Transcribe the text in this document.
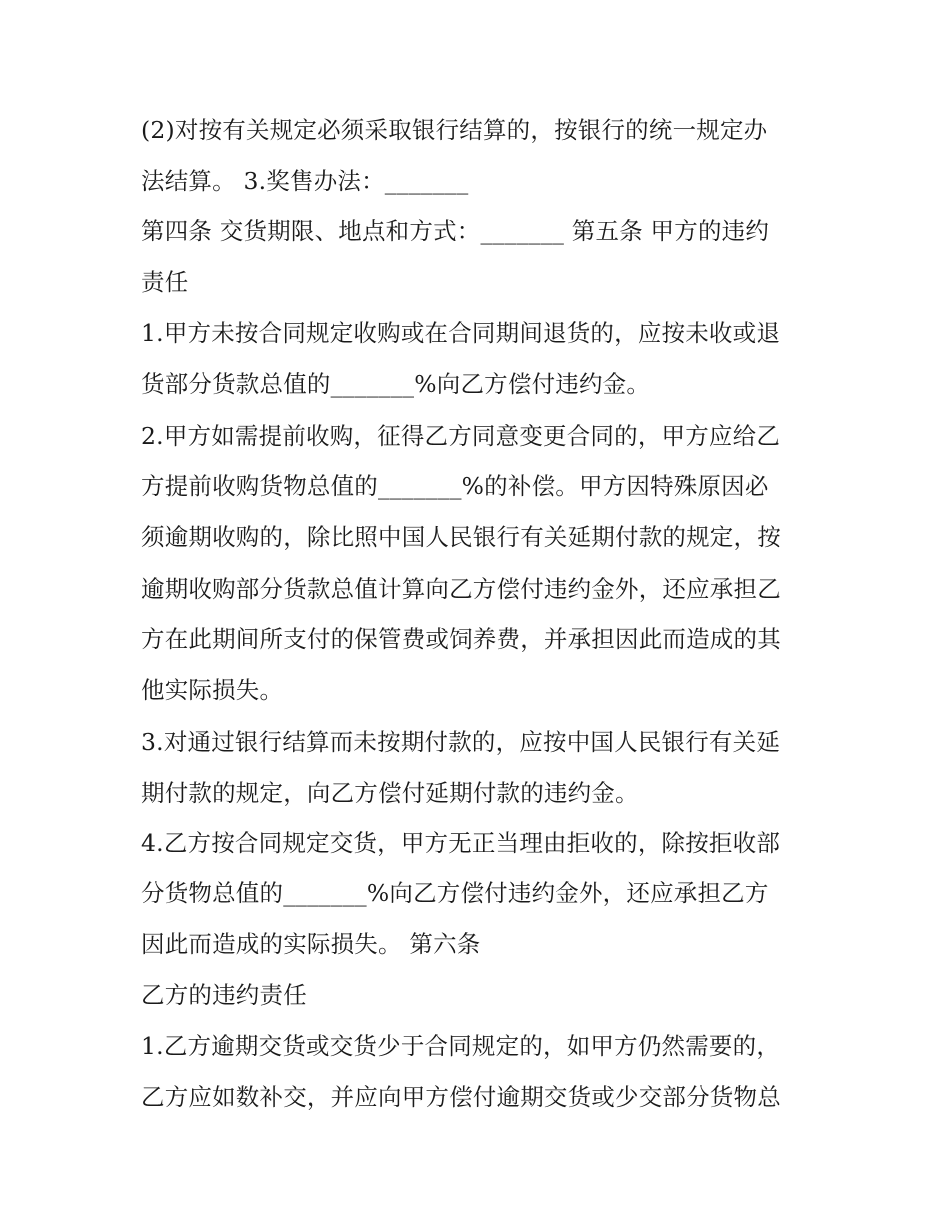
(2)对按有关规定必须采取银行结算的，按银行的统一规定办
法结算。 3.奖售办法：_______
第四条 交货期限、地点和方式：_______ 第五条 甲方的违约
责任
1.甲方未按合同规定收购或在合同期间退货的，应按未收或退
货部分货款总值的_______%向乙方偿付违约金。
2.甲方如需提前收购，征得乙方同意变更合同的，甲方应给乙
方提前收购货物总值的_______%的补偿。甲方因特殊原因必
须逾期收购的，除比照中国人民银行有关延期付款的规定，按
逾期收购部分货款总值计算向乙方偿付违约金外，还应承担乙
方在此期间所支付的保管费或饲养费，并承担因此而造成的其
他实际损失。
3.对通过银行结算而未按期付款的，应按中国人民银行有关延
期付款的规定，向乙方偿付延期付款的违约金。
4.乙方按合同规定交货，甲方无正当理由拒收的，除按拒收部
分货物总值的_______%向乙方偿付违约金外，还应承担乙方
因此而造成的实际损失。 第六条
乙方的违约责任
1.乙方逾期交货或交货少于合同规定的，如甲方仍然需要的，
乙方应如数补交，并应向甲方偿付逾期交货或少交部分货物总
